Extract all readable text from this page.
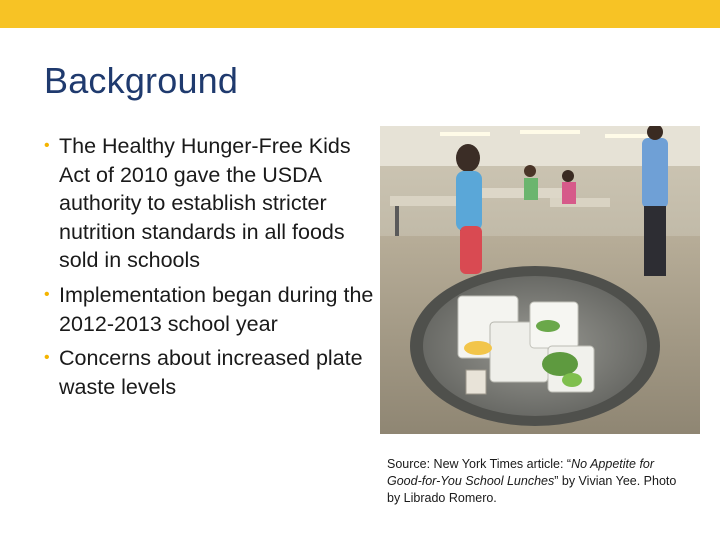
Background
• The Healthy Hunger-Free Kids Act of 2010 gave the USDA authority to establish stricter nutrition standards in all foods sold in schools
• Implementation began during the 2012-2013 school year
• Concerns about increased plate waste levels
Source: New York Times article: “No Appetite for Good-for-You School Lunches” by Vivian Yee. Photo by Librado Romero.
